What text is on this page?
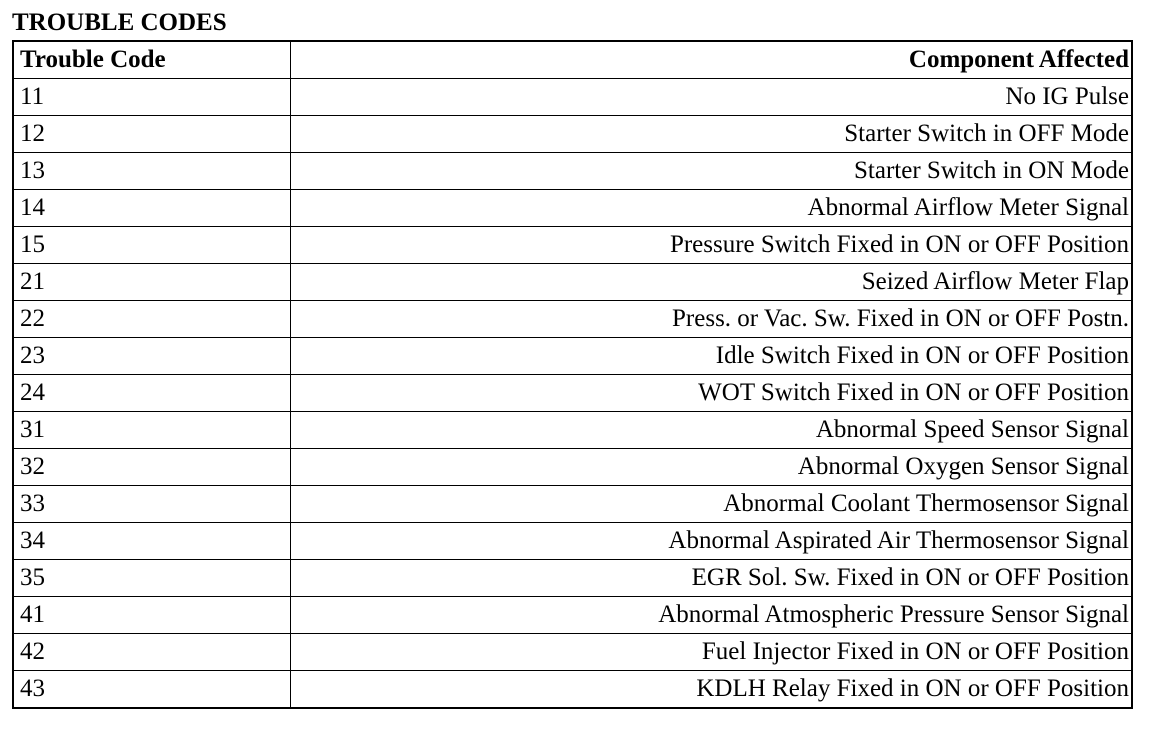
TROUBLE CODES
Trouble Code	Component Affected
11	No IG Pulse
12	Starter Switch in OFF Mode
13	Starter Switch in ON Mode
14	Abnormal Airflow Meter Signal
15	Pressure Switch Fixed in ON or OFF Position
21	Seized Airflow Meter Flap
22	Press. or Vac. Sw. Fixed in ON or OFF Postn.
23	Idle Switch Fixed in ON or OFF Position
24	WOT Switch Fixed in ON or OFF Position
31	Abnormal Speed Sensor Signal
32	Abnormal Oxygen Sensor Signal
33	Abnormal Coolant Thermosensor Signal
34	Abnormal Aspirated Air Thermosensor Signal
35	EGR Sol. Sw. Fixed in ON or OFF Position
41	Abnormal Atmospheric Pressure Sensor Signal
42	Fuel Injector Fixed in ON or OFF Position
43	KDLH Relay Fixed in ON or OFF Position
